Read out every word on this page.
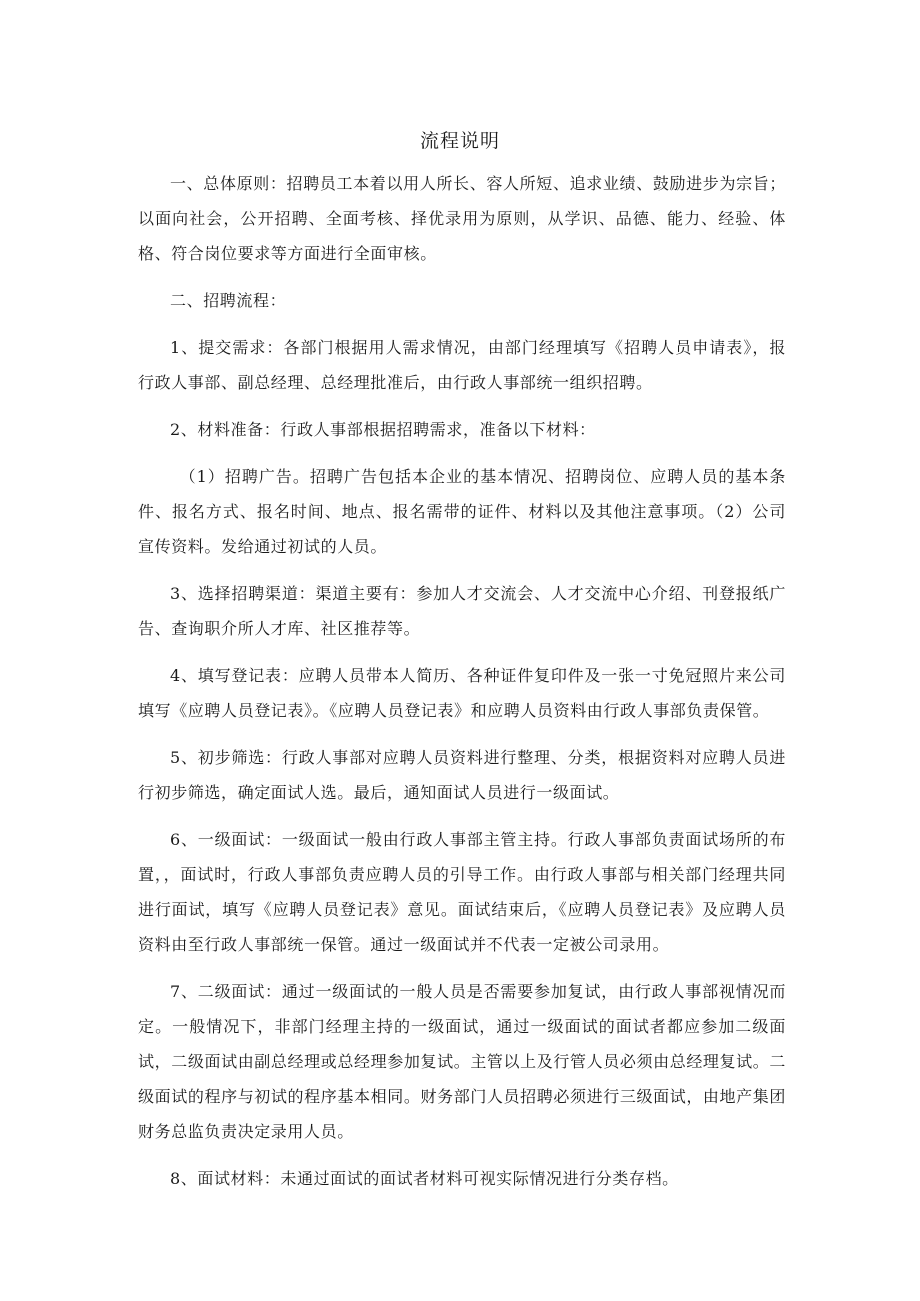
流程说明

一、总体原则：招聘员工本着以用人所长、容人所短、追求业绩、鼓励进步为宗旨；以面向社会，公开招聘、全面考核、择优录用为原则，从学识、品德、能力、经验、体格、符合岗位要求等方面进行全面审核。

二、招聘流程：

1、提交需求：各部门根据用人需求情况，由部门经理填写《招聘人员申请表》，报行政人事部、副总经理、总经理批准后，由行政人事部统一组织招聘。

2、材料准备：行政人事部根据招聘需求，准备以下材料：

（1）招聘广告。招聘广告包括本企业的基本情况、招聘岗位、应聘人员的基本条件、报名方式、报名时间、地点、报名需带的证件、材料以及其他注意事项。（2）公司宣传资料。发给通过初试的人员。

3、选择招聘渠道：渠道主要有：参加人才交流会、人才交流中心介绍、刊登报纸广告、查询职介所人才库、社区推荐等。

4、填写登记表：应聘人员带本人简历、各种证件复印件及一张一寸免冠照片来公司填写《应聘人员登记表》。《应聘人员登记表》和应聘人员资料由行政人事部负责保管。

5、初步筛选：行政人事部对应聘人员资料进行整理、分类，根据资料对应聘人员进行初步筛选，确定面试人选。最后，通知面试人员进行一级面试。

6、一级面试：一级面试一般由行政人事部主管主持。行政人事部负责面试场所的布置，，面试时，行政人事部负责应聘人员的引导工作。由行政人事部与相关部门经理共同进行面试，填写《应聘人员登记表》意见。面试结束后，《应聘人员登记表》及应聘人员资料由至行政人事部统一保管。通过一级面试并不代表一定被公司录用。

7、二级面试：通过一级面试的一般人员是否需要参加复试，由行政人事部视情况而定。一般情况下，非部门经理主持的一级面试，通过一级面试的面试者都应参加二级面试，二级面试由副总经理或总经理参加复试。主管以上及行管人员必须由总经理复试。二级面试的程序与初试的程序基本相同。财务部门人员招聘必须进行三级面试，由地产集团财务总监负责决定录用人员。

8、面试材料：未通过面试的面试者材料可视实际情况进行分类存档。
